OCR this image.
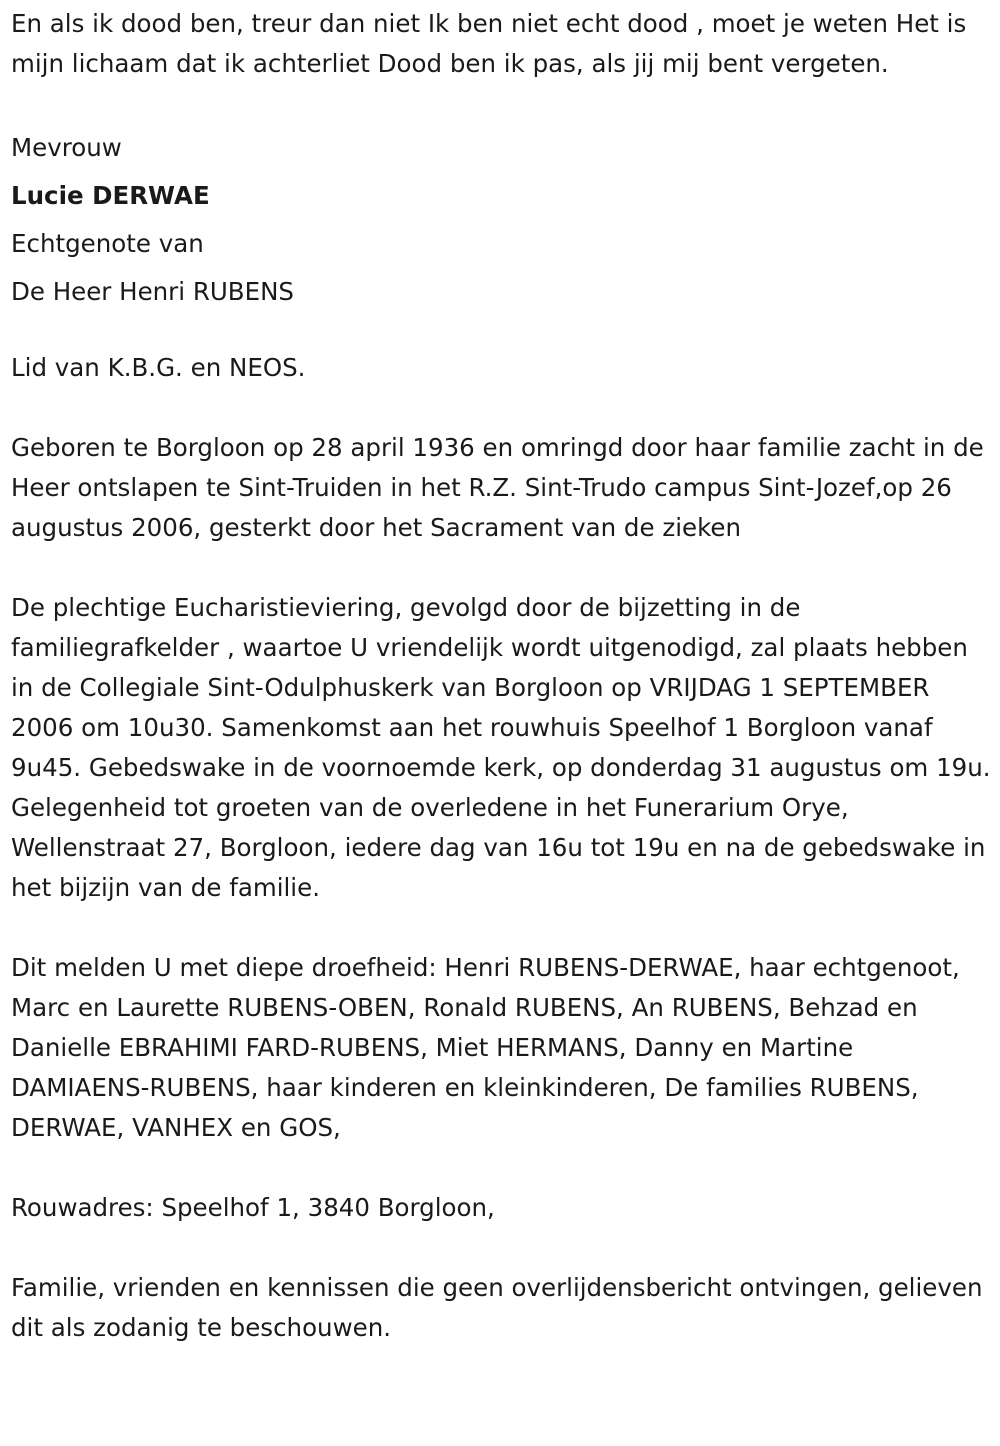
En als ik dood ben, treur dan niet Ik ben niet echt dood , moet je weten Het is mijn lichaam dat ik achterliet Dood ben ik pas, als jij mij bent vergeten.

Mevrouw

Lucie DERWAE

Echtgenote van

De Heer Henri RUBENS

Lid van K.B.G. en NEOS.

Geboren te Borgloon op 28 april 1936 en omringd door haar familie zacht in de Heer ontslapen te Sint-Truiden in het R.Z. Sint-Trudo campus Sint-Jozef,op 26 augustus 2006, gesterkt door het Sacrament van de zieken

De plechtige Eucharistieviering, gevolgd door de bijzetting in de familiegrafkelder , waartoe U vriendelijk wordt uitgenodigd, zal plaats hebben in de Collegiale Sint-Odulphuskerk van Borgloon op VRIJDAG 1 SEPTEMBER 2006 om 10u30. Samenkomst aan het rouwhuis Speelhof 1 Borgloon vanaf 9u45. Gebedswake in de voornoemde kerk, op donderdag 31 augustus om 19u. Gelegenheid tot groeten van de overledene in het Funerarium Orye, Wellenstraat 27, Borgloon, iedere dag van 16u tot 19u en na de gebedswake in het bijzijn van de familie.

Dit melden U met diepe droefheid: Henri RUBENS-DERWAE, haar echtgenoot, Marc en Laurette RUBENS-OBEN, Ronald RUBENS, An RUBENS, Behzad en Danielle EBRAHIMI FARD-RUBENS, Miet HERMANS, Danny en Martine DAMIAENS-RUBENS, haar kinderen en kleinkinderen, De families RUBENS, DERWAE, VANHEX en GOS,

Rouwadres: Speelhof 1, 3840 Borgloon,

Familie, vrienden en kennissen die geen overlijdensbericht ontvingen, gelieven dit als zodanig te beschouwen.
